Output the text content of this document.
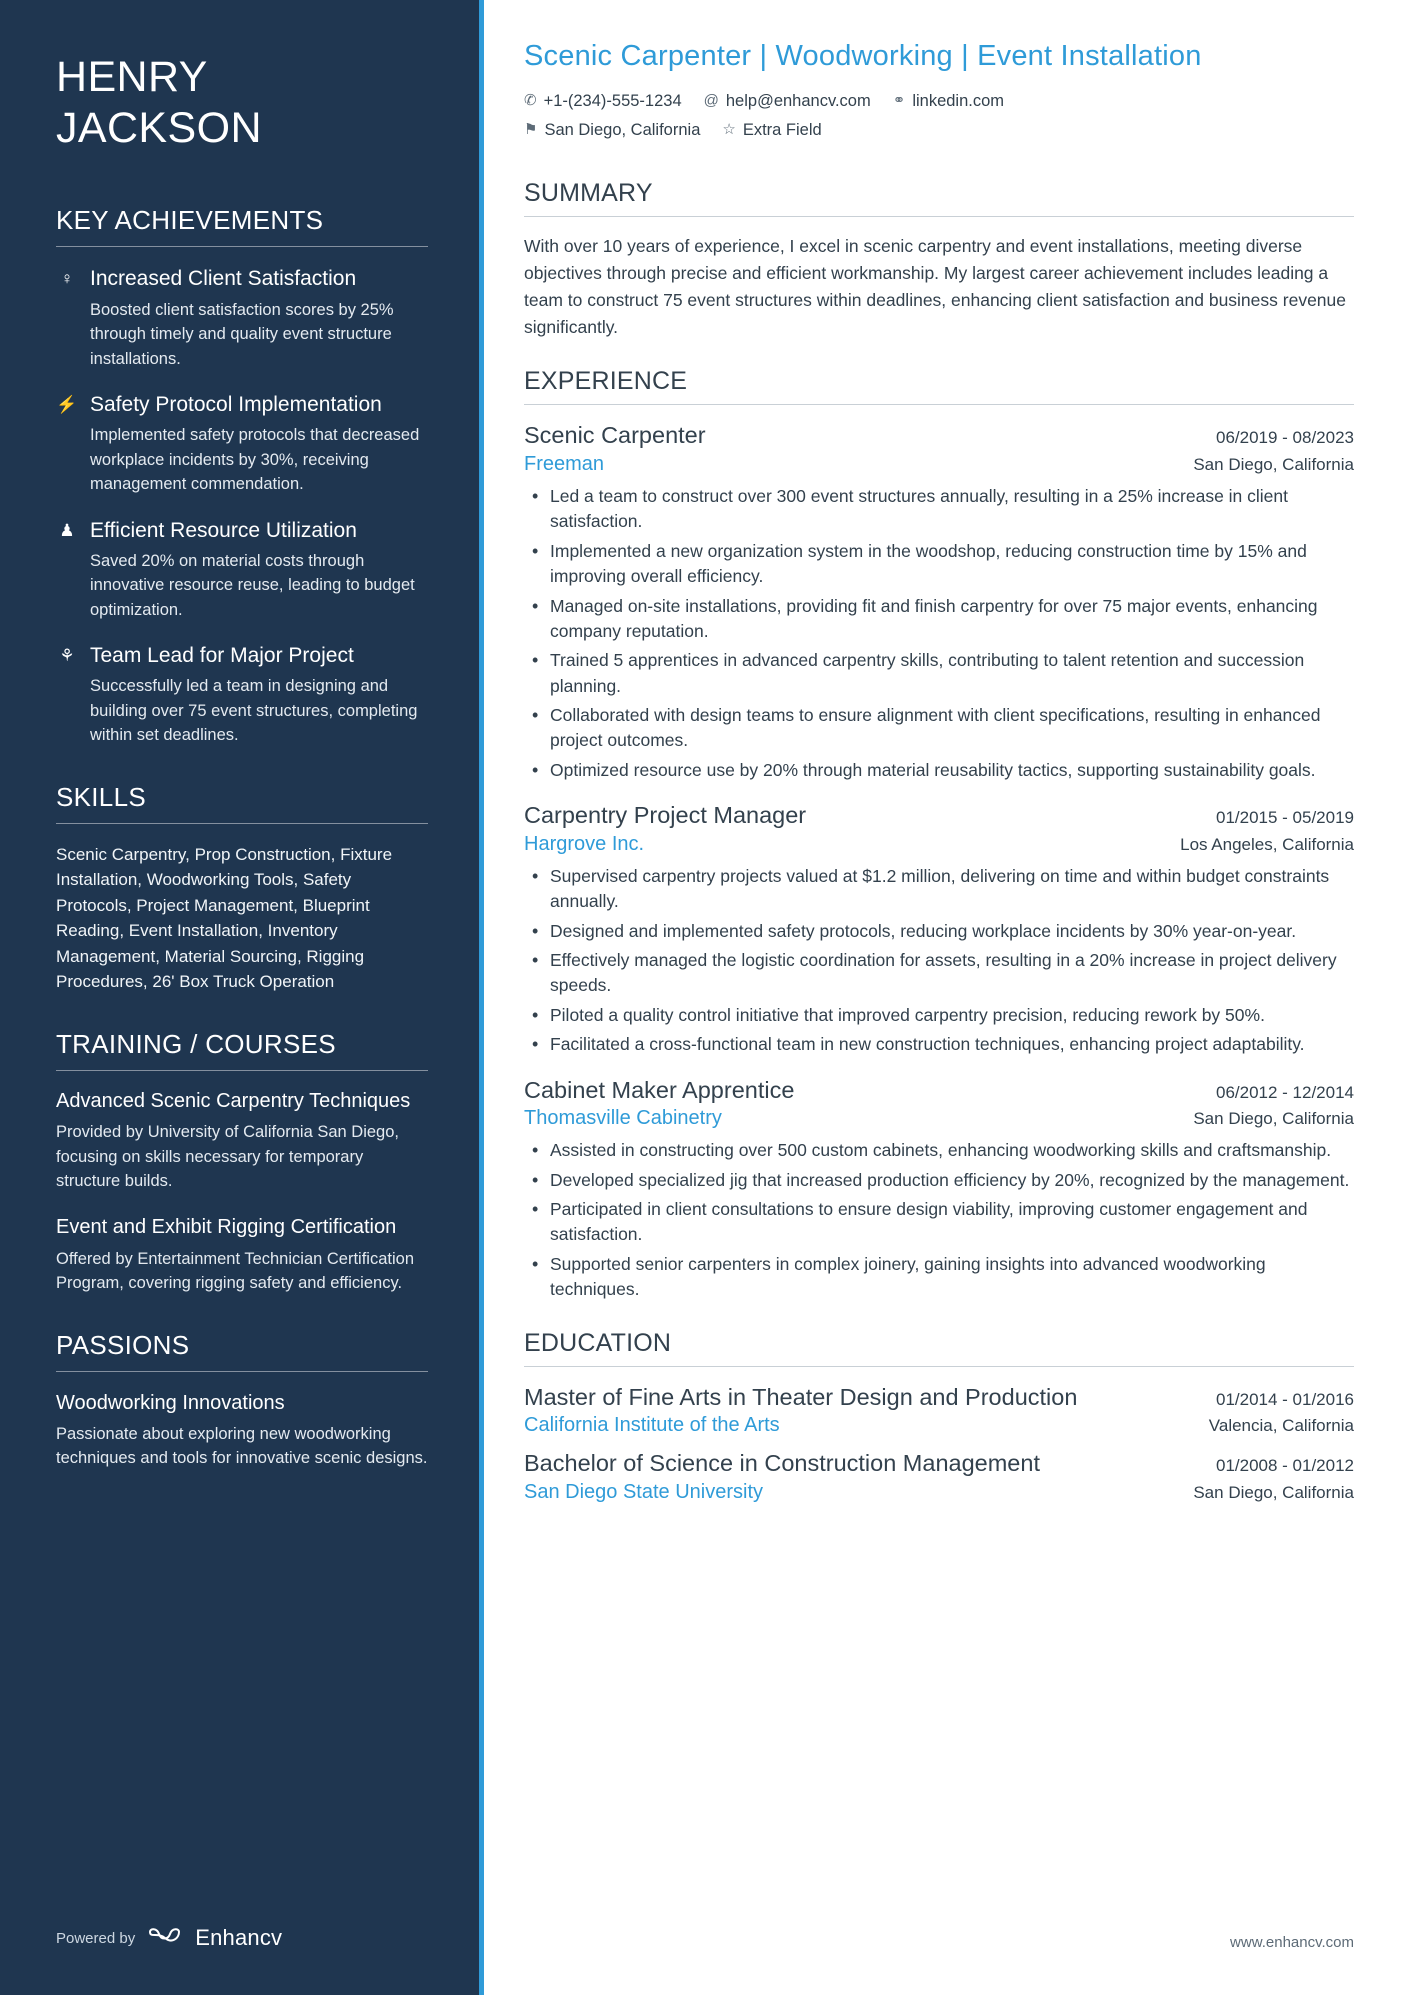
HENRY
JACKSON
KEY ACHIEVEMENTS
♀ Increased Client Satisfaction
Boosted client satisfaction scores by 25% through timely and quality event structure installations.
⚡ Safety Protocol Implementation
Implemented safety protocols that decreased workplace incidents by 30%, receiving management commendation.
♟ Efficient Resource Utilization
Saved 20% on material costs through innovative resource reuse, leading to budget optimization.
⚘ Team Lead for Major Project
Successfully led a team in designing and building over 75 event structures, completing within set deadlines.
SKILLS

Scenic Carpentry, Prop Construction, Fixture Installation, Woodworking Tools, Safety Protocols, Project Management, Blueprint Reading, Event Installation, Inventory Management, Material Sourcing, Rigging Procedures, 26' Box Truck Operation

TRAINING / COURSES
Advanced Scenic Carpentry Techniques
Provided by University of California San Diego, focusing on skills necessary for temporary structure builds.
Event and Exhibit Rigging Certification
Offered by Entertainment Technician Certification Program, covering rigging safety and efficiency.
PASSIONS
Woodworking Innovations
Passionate about exploring new woodworking techniques and tools for innovative scenic designs.
Powered by	Enhancv
Scenic Carpenter | Woodworking | Event Installation
✆ +1-(234)-555-1234 @ help@enhancv.com ⚭ linkedin.com
⚑ San Diego, California ☆ Extra Field
SUMMARY

With over 10 years of experience, I excel in scenic carpentry and event installations, meeting diverse objectives through precise and efficient workmanship. My largest career achievement includes leading a team to construct 75 event structures within deadlines, enhancing client satisfaction and business revenue significantly.

EXPERIENCE
Scenic Carpenter	06/2019 - 08/2023
Freeman	San Diego, California
• Led a team to construct over 300 event structures annually, resulting in a 25% increase in client satisfaction.
• Implemented a new organization system in the woodshop, reducing construction time by 15% and improving overall efficiency.
• Managed on-site installations, providing fit and finish carpentry for over 75 major events, enhancing company reputation.
• Trained 5 apprentices in advanced carpentry skills, contributing to talent retention and succession planning.
• Collaborated with design teams to ensure alignment with client specifications, resulting in enhanced project outcomes.
• Optimized resource use by 20% through material reusability tactics, supporting sustainability goals.
Carpentry Project Manager	01/2015 - 05/2019
Hargrove Inc.	Los Angeles, California
• Supervised carpentry projects valued at $1.2 million, delivering on time and within budget constraints annually.
• Designed and implemented safety protocols, reducing workplace incidents by 30% year-on-year.
• Effectively managed the logistic coordination for assets, resulting in a 20% increase in project delivery speeds.
• Piloted a quality control initiative that improved carpentry precision, reducing rework by 50%.
• Facilitated a cross-functional team in new construction techniques, enhancing project adaptability.
Cabinet Maker Apprentice	06/2012 - 12/2014
Thomasville Cabinetry	San Diego, California
• Assisted in constructing over 500 custom cabinets, enhancing woodworking skills and craftsmanship.
• Developed specialized jig that increased production efficiency by 20%, recognized by the management.
• Participated in client consultations to ensure design viability, improving customer engagement and satisfaction.
• Supported senior carpenters in complex joinery, gaining insights into advanced woodworking techniques.
EDUCATION
Master of Fine Arts in Theater Design and Production	01/2014 - 01/2016
California Institute of the Arts	Valencia, California
Bachelor of Science in Construction Management	01/2008 - 01/2012
San Diego State University	San Diego, California
www.enhancv.com
